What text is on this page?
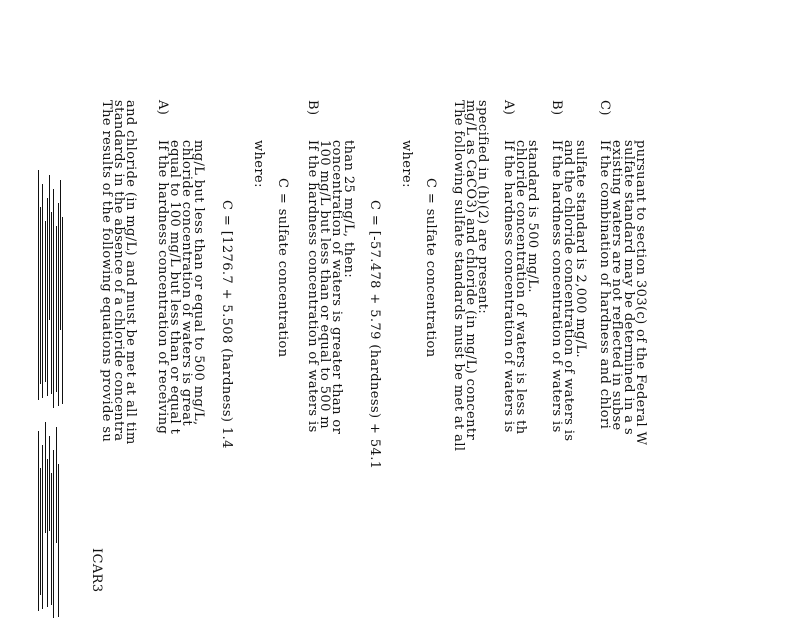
ICAR3
The results of the following equations provide su
standards in the absence of a chloride concentra
and chloride (in mg/L) and must be met at all tim A)
If the hardness concentration of receiving
equal to 100 mg/L but less than or equal t
chloride concentration of waters is great
mg/L but less than or equal to 500 mg/L, C = [1276.7 + 5.508 (hardness) 1.4
where:
C = sulfate concentration
B)
If the hardness concentration of waters is
100 mg/L but less than or equal to 500 m
concentration of waters is greater than or
than 25 mg/L, then: C = [-57.478 + 5.79 (hardness) + 54.1
where:
C = sulfate concentration The following sulfate standards must be met at all
mg/L as CaCO3) and chloride (in mg/L) concentr
specified in (h)(2) are present: A)
If the hardness concentration of waters is
chloride concentration of waters is less th
standard is 500 mg/L.
B)
If the hardness concentration of waters is
and the chloride concentration of waters is
sulfate standard is 2,000 mg/L.
C)
If the combination of hardness and chlori
existing waters are not reflected in subse
sulfate standard may be determined in a s
pursuant to section 303(c) of the Federal W
